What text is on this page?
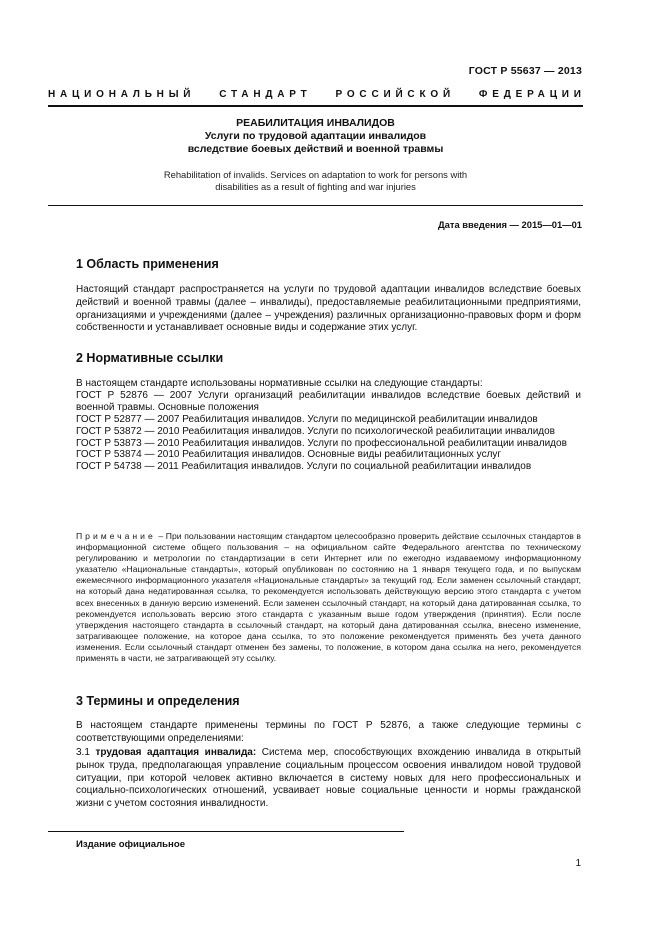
ГОСТ Р 55637 — 2013
НАЦИОНАЛЬНЫЙ СТАНДАРТ РОССИЙСКОЙ ФЕДЕРАЦИИ
РЕАБИЛИТАЦИЯ ИНВАЛИДОВ
Услуги по трудовой адаптации инвалидов
вследствие боевых действий и военной травмы
Rehabilitation of invalids. Services on adaptation to work for persons with
disabilities as a result of fighting and war injuries
Дата введения — 2015—01—01
1 Область применения

Настоящий стандарт распространяется на услуги по трудовой адаптации инвалидов вследствие боевых действий и военной травмы (далее – инвалиды), предоставляемые реабилитационными предприятиями, организациями и учреждениями (далее – учреждения) различных организационно-правовых форм и форм собственности и устанавливает основные виды и содержание этих услуг.

2 Нормативные ссылки
В настоящем стандарте использованы нормативные ссылки на следующие стандарты:
ГОСТ Р 52876 — 2007 Услуги организаций реабилитации инвалидов вследствие боевых действий и военной травмы. Основные положения
ГОСТ Р 52877 — 2007 Реабилитация инвалидов. Услуги по медицинской реабилитации инвалидов
ГОСТ Р 53872 — 2010 Реабилитация инвалидов. Услуги по психологической реабилитации инвалидов
ГОСТ Р 53873 — 2010 Реабилитация инвалидов. Услуги по профессиональной реабилитации инвалидов
ГОСТ Р 53874 — 2010 Реабилитация инвалидов. Основные виды реабилитационных услуг
ГОСТ Р 54738 — 2011 Реабилитация инвалидов. Услуги по социальной реабилитации инвалидов
Примечание – При пользовании настоящим стандартом целесообразно проверить действие ссылочных стандартов в информационной системе общего пользования – на официальном сайте Федерального агентства по техническому регулированию и метрологии по стандартизации в сети Интернет или по ежегодно издаваемому информационному указателю «Национальные стандарты», который опубликован по состоянию на 1 января текущего года, и по выпускам ежемесячного информационного указателя «Национальные стандарты» за текущий год. Если заменен ссылочный стандарт, на который дана недатированная ссылка, то рекомендуется использовать действующую версию этого стандарта с учетом всех внесенных в данную версию изменений. Если заменен ссылочный стандарт, на который дана датированная ссылка, то рекомендуется использовать версию этого стандарта с указанным выше годом утверждения (принятия). Если после утверждения настоящего стандарта в ссылочный стандарт, на который дана датированная ссылка, внесено изменение, затрагивающее положение, на которое дана ссылка, то это положение рекомендуется применять без учета данного изменения. Если ссылочный стандарт отменен без замены, то положение, в котором дана ссылка на него, рекомендуется применять в части, не затрагивающей эту ссылку.
3 Термины и определения

В настоящем стандарте применены термины по ГОСТ Р 52876, а также следующие термины с соответствующими определениями:

3.1 трудовая адаптация инвалида: Система мер, способствующих вхождению инвалида в открытый рынок труда, предполагающая управление социальным процессом освоения инвалидом новой трудовой ситуации, при которой человек активно включается в систему новых для него профессиональных и социально-психологических отношений, усваивает новые социальные ценности и нормы гражданской жизни с учетом состояния инвалидности.

Издание официальное
1
